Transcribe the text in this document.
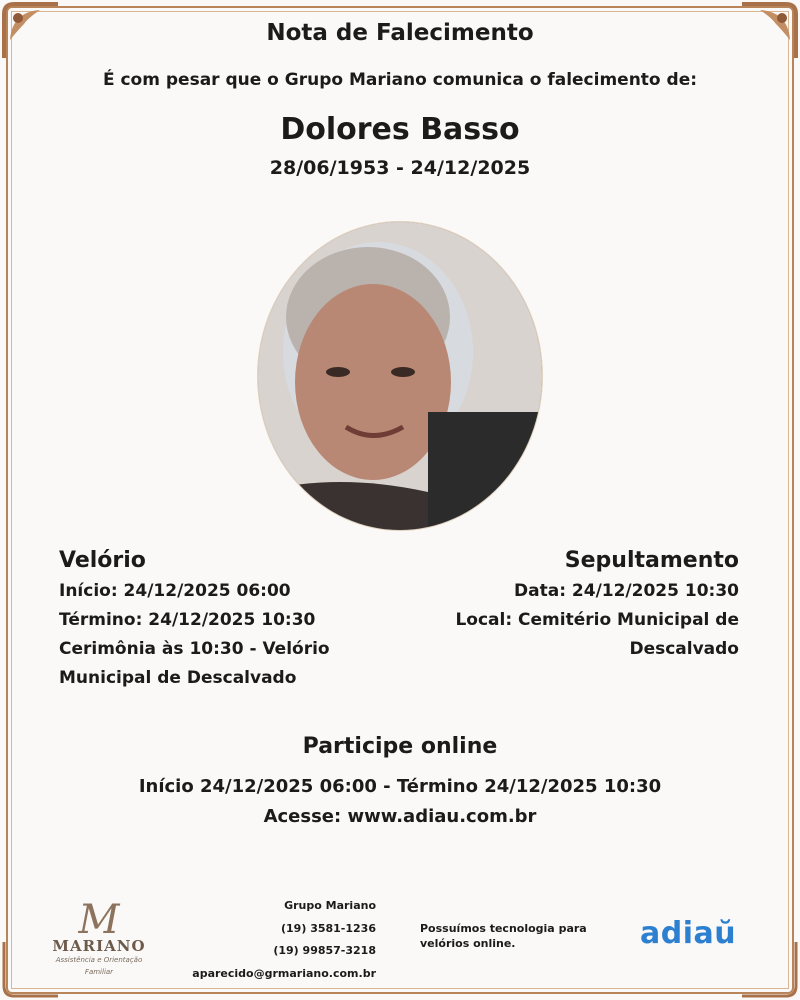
Nota de Falecimento
É com pesar que o Grupo Mariano comunica o falecimento de:
Dolores Basso
28/06/1953 - 24/12/2025
Velório

Início: 24/12/2025 06:00

Término: 24/12/2025 10:30

Cerimônia às 10:30 - Velório

Municipal de Descalvado

Sepultamento

Data: 24/12/2025 10:30

Local: Cemitério Municipal de

Descalvado

Participe online
Início 24/12/2025 06:00 - Término 24/12/2025 10:30
Acesse: www.adiau.com.br
M
MARIANO
Assistência e Orientação Familiar
Grupo Mariano
(19) 3581-1236
(19) 99857-3218
aparecido@grmariano.com.br
Possuímos tecnologia para
velórios online.	adiaŭ
